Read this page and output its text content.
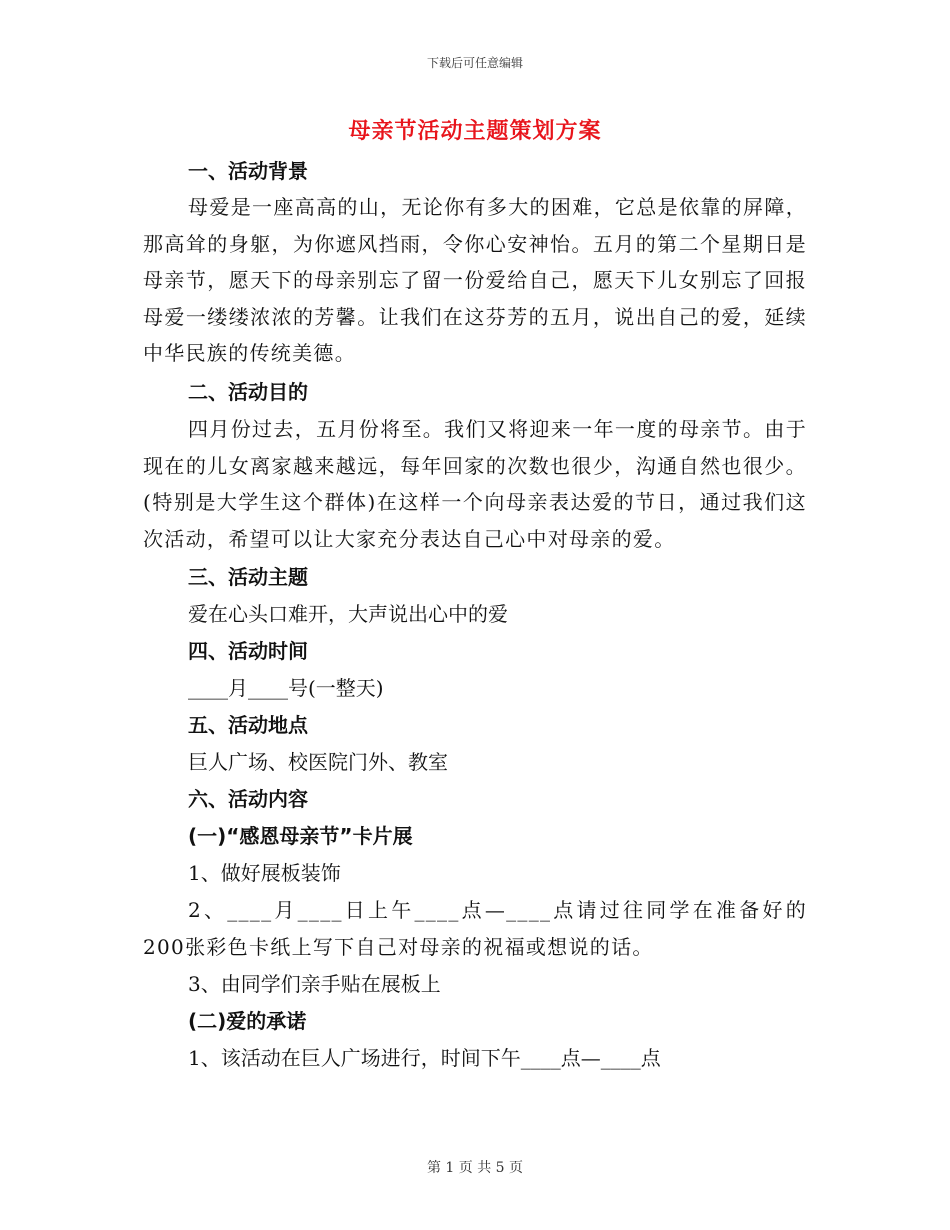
下载后可任意编辑
母亲节活动主题策划方案
一、活动背景
母爱是一座高高的山，无论你有多大的困难，它总是依靠的屏障，那高耸的身躯，为你遮风挡雨，令你心安神怡。五月的第二个星期日是母亲节，愿天下的母亲别忘了留一份爱给自己，愿天下儿女别忘了回报母爱一缕缕浓浓的芳馨。让我们在这芬芳的五月，说出自己的爱，延续中华民族的传统美德。
二、活动目的
四月份过去，五月份将至。我们又将迎来一年一度的母亲节。由于现在的儿女离家越来越远，每年回家的次数也很少，沟通自然也很少。(特别是大学生这个群体)在这样一个向母亲表达爱的节日，通过我们这次活动，希望可以让大家充分表达自己心中对母亲的爱。
三、活动主题
爱在心头口难开，大声说出心中的爱
四、活动时间
____月____号(一整天)
五、活动地点
巨人广场、校医院门外、教室
六、活动内容
(一)“感恩母亲节”卡片展
1、做好展板装饰
2、____月____日上午____点—____点请过往同学在准备好的200张彩色卡纸上写下自己对母亲的祝福或想说的话。
3、由同学们亲手贴在展板上
(二)爱的承诺
1、该活动在巨人广场进行，时间下午____点—____点
第 1 页 共 5 页
